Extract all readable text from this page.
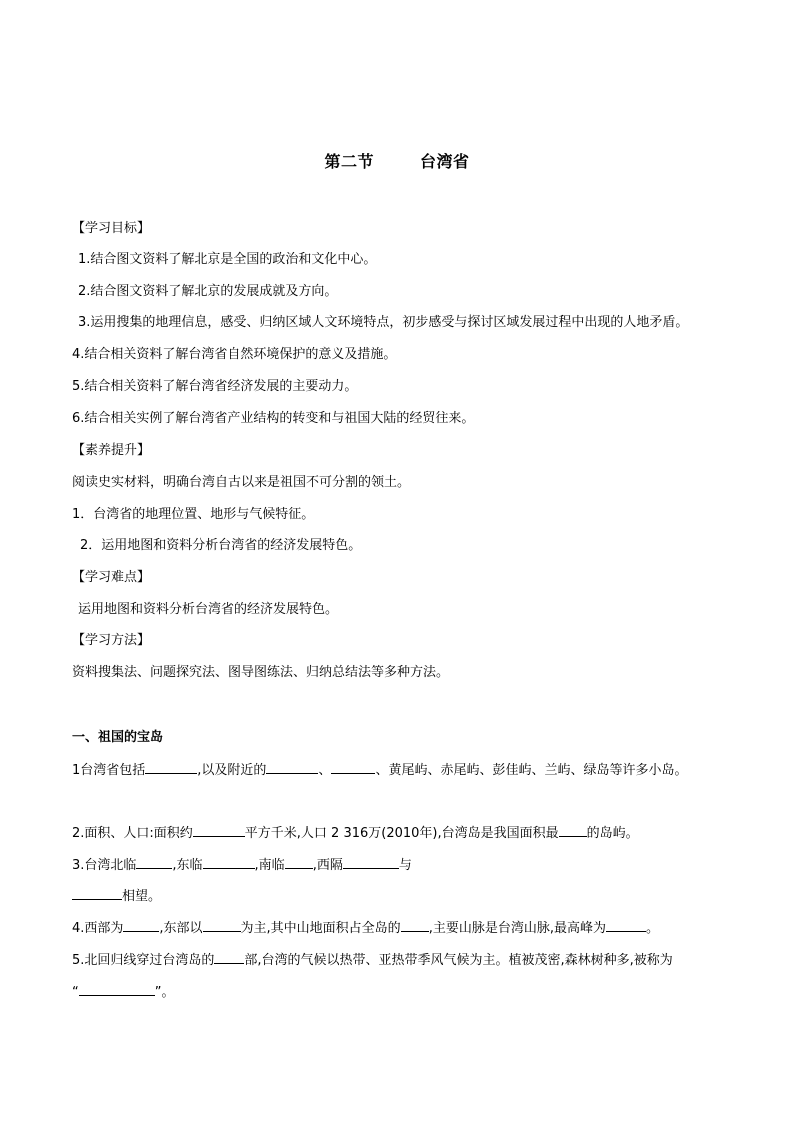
第二节	台湾省
【学习目标】
1.结合图文资料了解北京是全国的政治和文化中心。
2.结合图文资料了解北京的发展成就及方向。
3.运用搜集的地理信息，感受、归纳区域人文环境特点，初步感受与探讨区域发展过程中出现的人地矛盾。
4.结合相关资料了解台湾省自然环境保护的意义及措施。
5.结合相关资料了解台湾省经济发展的主要动力。
6.结合相关实例了解台湾省产业结构的转变和与祖国大陆的经贸往来。
【素养提升】
阅读史实材料，明确台湾自古以来是祖国不可分割的领土。
1．台湾省的地理位置、地形与气候特征。
2．运用地图和资料分析台湾省的经济发展特色。
【学习难点】
运用地图和资料分析台湾省的经济发展特色。
【学习方法】
资料搜集法、问题探究法、图导图练法、归纳总结法等多种方法。
一、祖国的宝岛
1台湾省包括	,以及附近的	、	、黄尾屿、赤尾屿、彭佳屿、兰屿、绿岛等许多小岛。
2.面积、人口:面积约	平方千米,人口 2 316万(2010年),台湾岛是我国面积最 的岛屿。
3.台湾北临	,东临	,南临 ,西隔	与
相望。
4.西部为	,东部以	为主,其中山地面积占全岛的 ,主要山脉是台湾山脉,最高峰为	。
5.北回归线穿过台湾岛的 部,台湾的气候以热带、亚热带季风气候为主。植被茂密,森林树种多,被称为
“	”。
